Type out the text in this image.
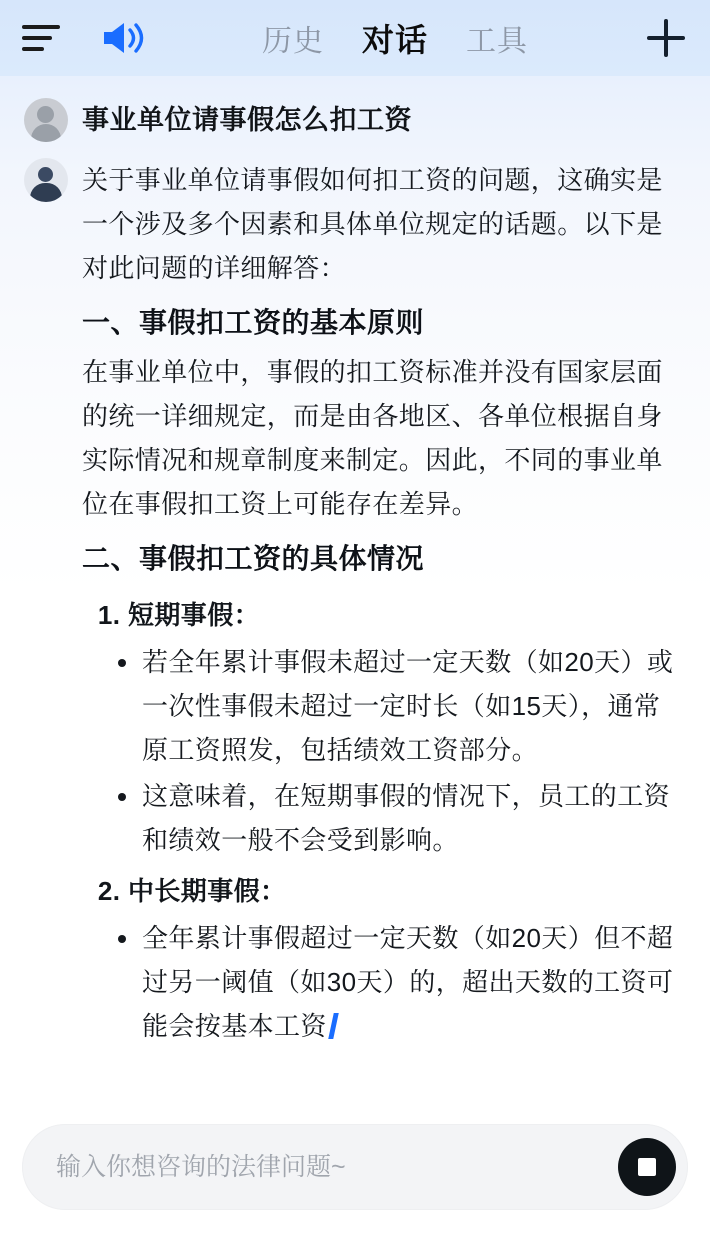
历史 对话 工具
事业单位请事假怎么扣工资
关于事业单位请事假如何扣工资的问题，这确实是一个涉及多个因素和具体单位规定的话题。以下是对此问题的详细解答：
一、事假扣工资的基本原则
在事业单位中，事假的扣工资标准并没有国家层面的统一详细规定，而是由各地区、各单位根据自身实际情况和规章制度来制定。因此，不同的事业单位在事假扣工资上可能存在差异。
二、事假扣工资的具体情况
1. 短期事假：
若全年累计事假未超过一定天数（如20天）或一次性事假未超过一定时长（如15天），通常原工资照发，包括绩效工资部分。
这意味着，在短期事假的情况下，员工的工资和绩效一般不会受到影响。
2. 中长期事假：
全年累计事假超过一定天数（如20天）但不超过另一阈值（如30天）的，超出天数的工资可能会按基本工资
输入你想咨询的法律问题~
